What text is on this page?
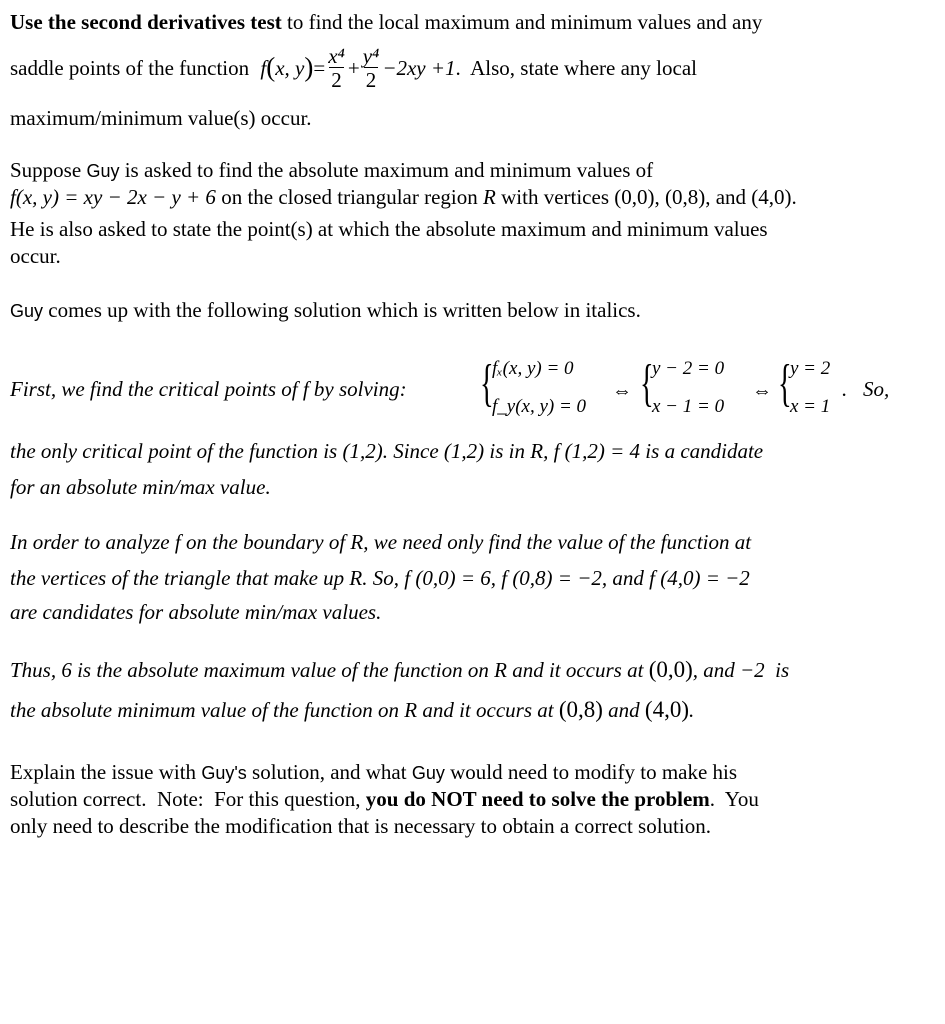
Use the second derivatives test to find the local maximum and minimum values and any
saddle points of the function f ( x, y ) = $\frac{\text{x⁴}}{2} + \frac{\text{y⁴}}{2} -2xy +1$ .  Also, state where any local
maximum/minimum value(s) occur.
Suppose Guy is asked to find the absolute maximum and minimum values of
f(x, y) = xy − 2x − y + 6 on the closed triangular region R with vertices (0,0), (0,8), and (4,0).
He is also asked to state the point(s) at which the absolute maximum and minimum values
occur.
Guy comes up with the following solution which is written below in italics.
First, we find the critical points of f by solving: {
fₓ(x, y) = 0
f_y(x, y) = 0
⇔ {
y − 2 = 0
x − 1 = 0
⇔ {
y = 2
x = 1
.   So,
the only critical point of the function is (1,2). Since (1,2) is in R, f (1,2) = 4 is a candidate
for an absolute min/max value.
In order to analyze f on the boundary of R, we need only find the value of the function at
the vertices of the triangle that make up R. So, f (0,0) = 6, f (0,8) = −2, and f (4,0) = −2
are candidates for absolute min/max values.
Thus, 6 is the absolute maximum value of the function on R and it occurs at (0,0), and −2  is
the absolute minimum value of the function on R and it occurs at (0,8) and (4,0).
Explain the issue with Guy's solution, and what Guy would need to modify to make his
solution correct.  Note:  For this question, you do NOT need to solve the problem.  You
only need to describe the modification that is necessary to obtain a correct solution.
